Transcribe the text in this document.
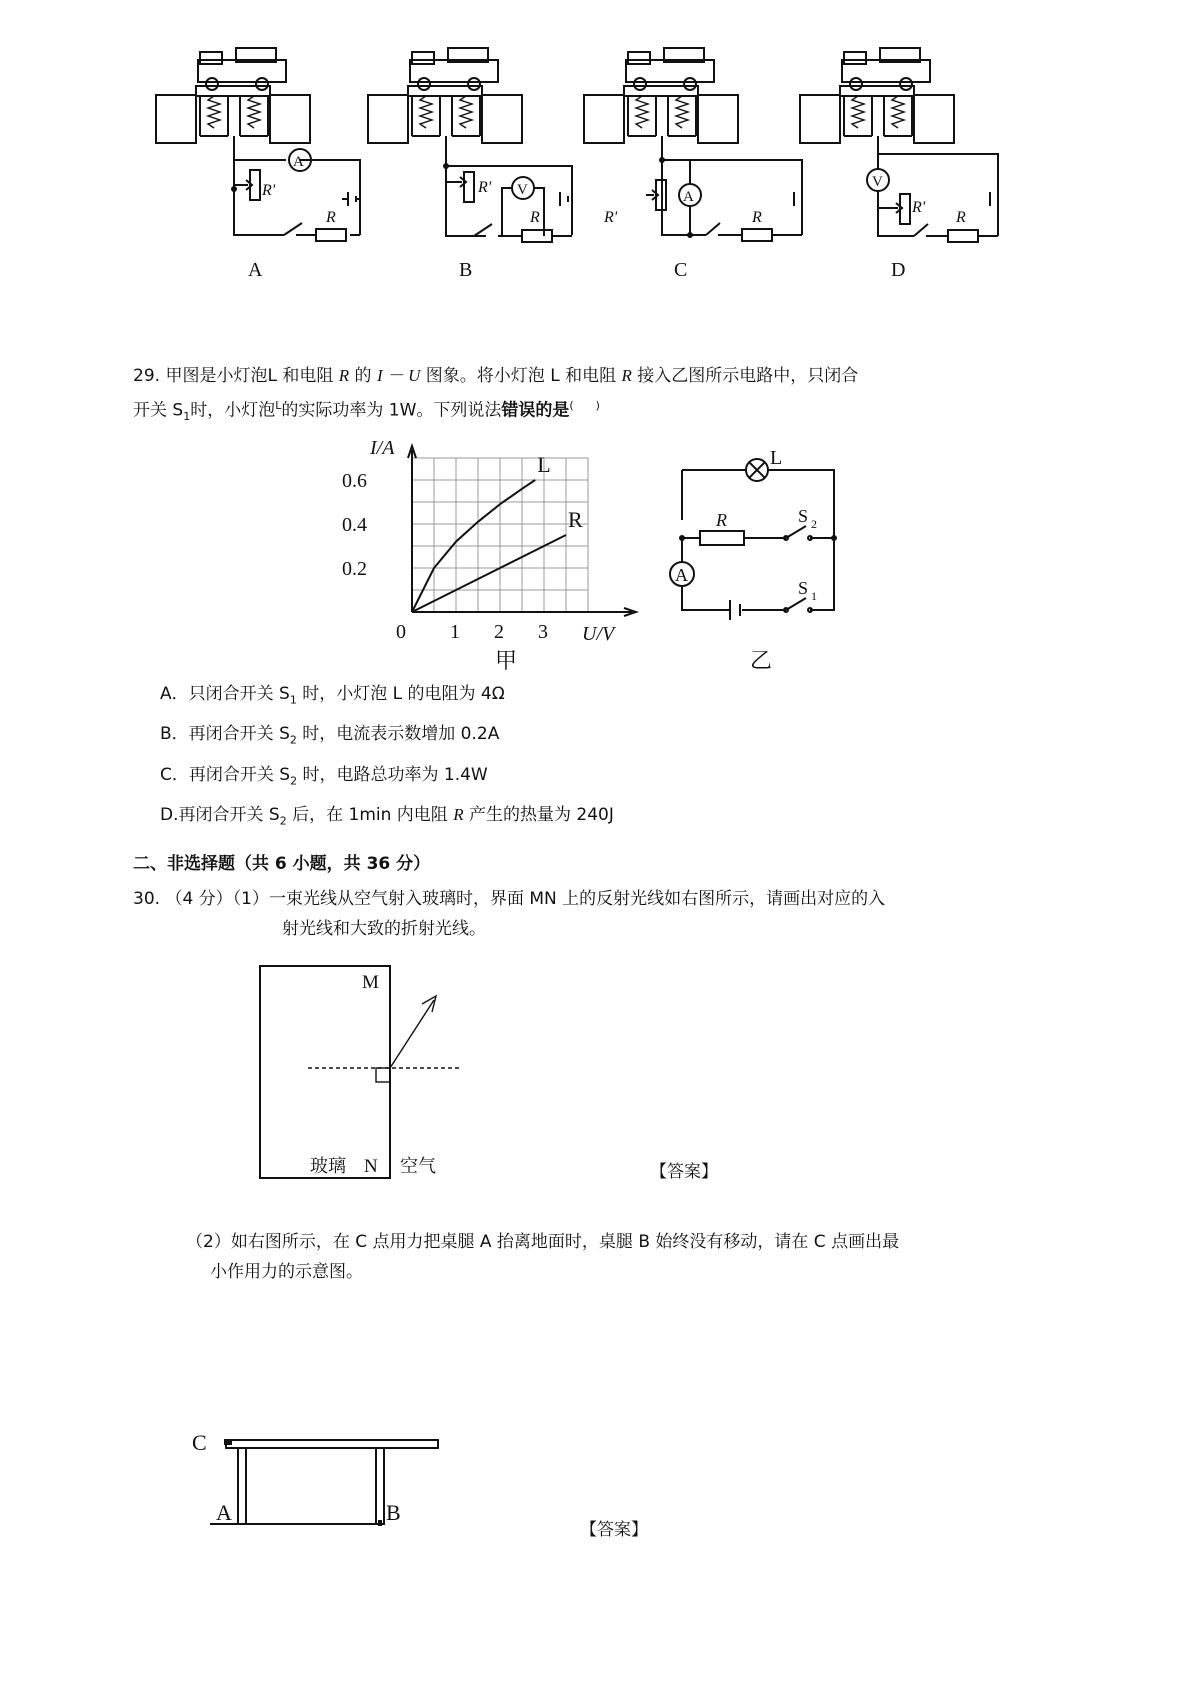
A
R'
R
A
R' V
R
B
A
R'	R
C
V
R'
R
D
29. 甲图是小灯泡L 和电阻 R 的 I － U 图象。将小灯泡 L 和电阻 R 接入乙图所示电路中，只闭合
开关 $S_1$时，小灯泡$^L$的实际功率为 1W。下列说法错误的是(　　)
L
R
1 2 3
0.2
0.4
0.6
I/A
U/V
0
甲
A
L
R	S 2
S 1
乙
A．只闭合开关 $S_1$ 时，小灯泡 L 的电阻为 4Ω
B．再闭合开关 $S_2$ 时，电流表示数增加 0.2A
C．再闭合开关 $S_2$ 时，电路总功率为 1.4W
D.再闭合开关 $S_2$ 后，在 1min 内电阻 R 产生的热量为 240J
二、非选择题（共 6 小题，共 36 分）
30. （4 分）（1）一束光线从空气射入玻璃时，界面 MN 上的反射光线如右图所示，请画出对应的入
射光线和大致的折射光线。
M
N
玻璃	空气	【答案】
（2）如右图所示，在 C 点用力把桌腿 A 抬离地面时，桌腿 B 始终没有移动，请在 C 点画出最
小作用力的示意图。
C
A	B
【答案】
